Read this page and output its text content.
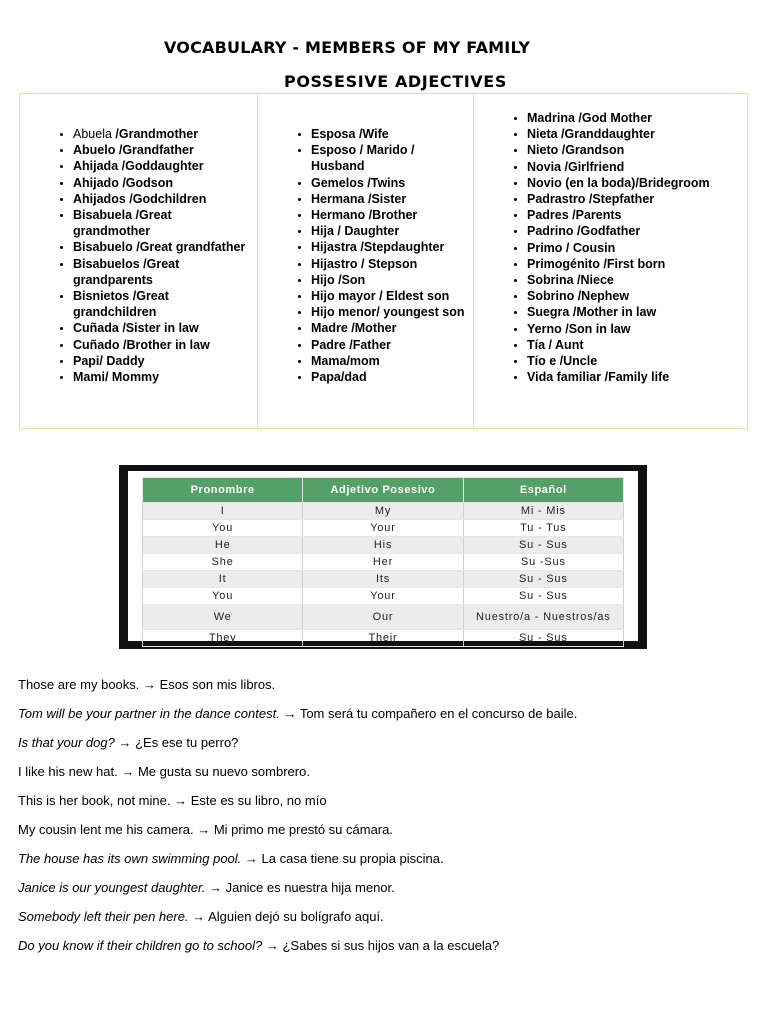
VOCABULARY - MEMBERS OF MY FAMILY
POSSESIVE ADJECTIVES
• Abuela /Grandmother
• Abuelo /Grandfather
• Ahijada /Goddaughter
• Ahijado /Godson
• Ahijados /Godchildren
• Bisabuela /Great grandmother
• Bisabuelo /Great grandfather
• Bisabuelos /Great grandparents
• Bisnietos /Great grandchildren
• Cuñada /Sister in law
• Cuñado /Brother in law
• Papi/ Daddy
• Mami/ Mommy
• Esposa /Wife
• Esposo / Marido / Husband
• Gemelos /Twins
• Hermana /Sister
• Hermano /Brother
• Hija / Daughter
• Hijastra /Stepdaughter
• Hijastro / Stepson
• Hijo /Son
• Hijo mayor / Eldest son
• Hijo menor/ youngest son
• Madre /Mother
• Padre /Father
• Mama/mom
• Papa/dad
• Madrina /God Mother
• Nieta /Granddaughter
• Nieto /Grandson
• Novia /Girlfriend
• Novio (en la boda)/Bridegroom
• Padrastro /Stepfather
• Padres /Parents
• Padrino /Godfather
• Primo / Cousin
• Primogénito /First born
• Sobrina /Niece
• Sobrino /Nephew
• Suegra /Mother in law
• Yerno /Son in law
• Tía / Aunt
• Tío e /Uncle
• Vida familiar /Family life
Pronombre	Adjetivo Posesivo	Español
I	My	Mi - Mis
You	Your	Tu - Tus
He	His	Su - Sus
She	Her	Su -Sus
It	Its	Su - Sus
You	Your	Su - Sus
We	Our	Nuestro/a - Nuestros/as
They	Their	Su - Sus
Those are my books. → Esos son mis libros.
Tom will be your partner in the dance contest. → Tom será tu compañero en el concurso de baile.
Is that your dog? → ¿Es ese tu perro?
I like his new hat. → Me gusta su nuevo sombrero.
This is her book, not mine. → Este es su libro, no mío
My cousin lent me his camera. → Mi primo me prestó su cámara.
The house has its own swimming pool. → La casa tiene su propia piscina.
Janice is our youngest daughter. → Janice es nuestra hija menor.
Somebody left their pen here. → Alguien dejó su bolígrafo aquí.
Do you know if their children go to school? → ¿Sabes si sus hijos van a la escuela?
